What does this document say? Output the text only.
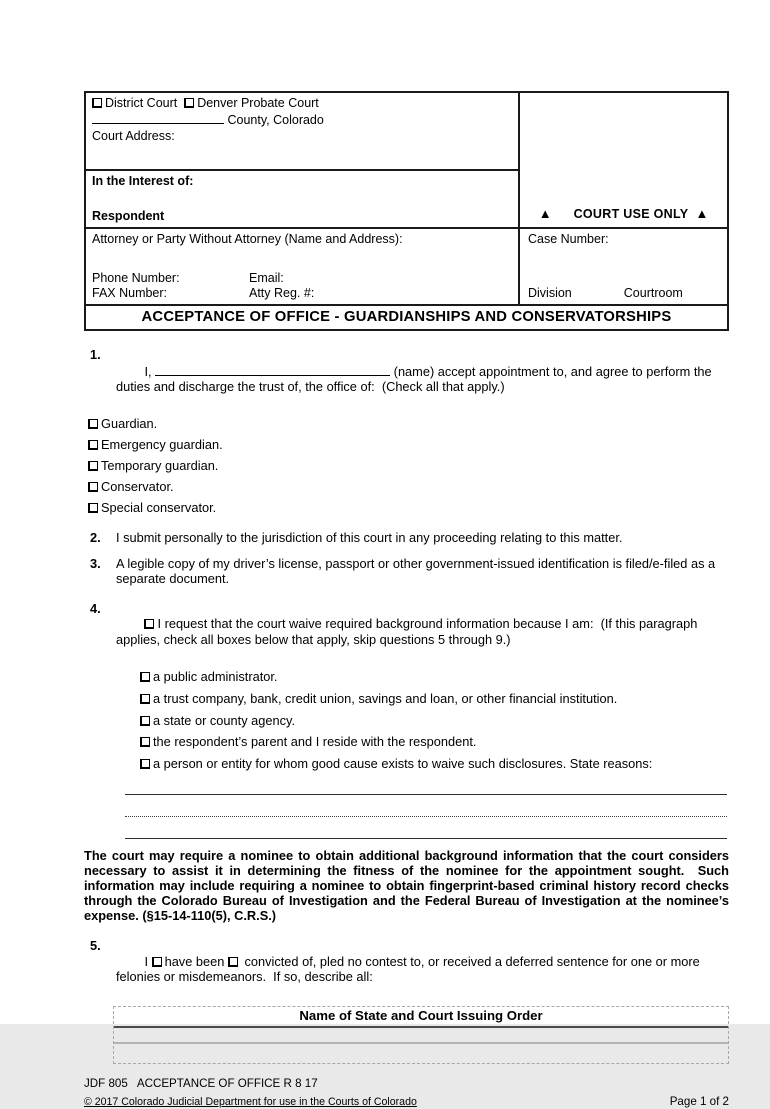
District Court Denver Probate Court
County, Colorado
Court Address:
In the Interest of:
Respondent	▲ COURT USE ONLY ▲
Attorney or Party Without Attorney (Name and Address):
Phone Number:	Email:
FAX Number:	Atty Reg. #:
Case Number:
Division	Courtroom
ACCEPTANCE OF OFFICE - GUARDIANSHIPS AND CONSERVATORSHIPS
1.

I,	(name) accept appointment to, and agree to perform the duties and discharge the trust of, the office of:  (Check all that apply.)

Guardian.
Emergency guardian.
Temporary guardian.
Conservator.
Special conservator.
2.	I submit personally to the jurisdiction of this court in any proceeding relating to this matter.
3.	A legible copy of my driver’s license, passport or other government-issued identification is filed/e-filed as a separate document.
4.

I request that the court waive required background information because I am:  (If this paragraph applies, check all boxes below that apply, skip questions 5 through 9.)

a public administrator.
a trust company, bank, credit union, savings and loan, or other financial institution.
a state or county agency.
the respondent’s parent and I reside with the respondent.
a person or entity for whom good cause exists to waive such disclosures. State reasons:
The court may require a nominee to obtain additional background information that the court considers necessary to assist it in determining the fitness of the nominee for the appointment sought.  Such information may include requiring a nominee to obtain fingerprint-based criminal history record checks through the Colorado Bureau of Investigation and the Federal Bureau of Investigation at the nominee’s expense. (§15-14-110(5), C.R.S.)
5.

I have been  convicted of, pled no contest to, or received a deferred sentence for one or more felonies or misdemeanors.  If so, describe all:

Name of State and Court Issuing Order
JDF 805   ACCEPTANCE OF OFFICE R 8 17
© 2017 Colorado Judicial Department for use in the Courts of Colorado	Page 1 of 2
